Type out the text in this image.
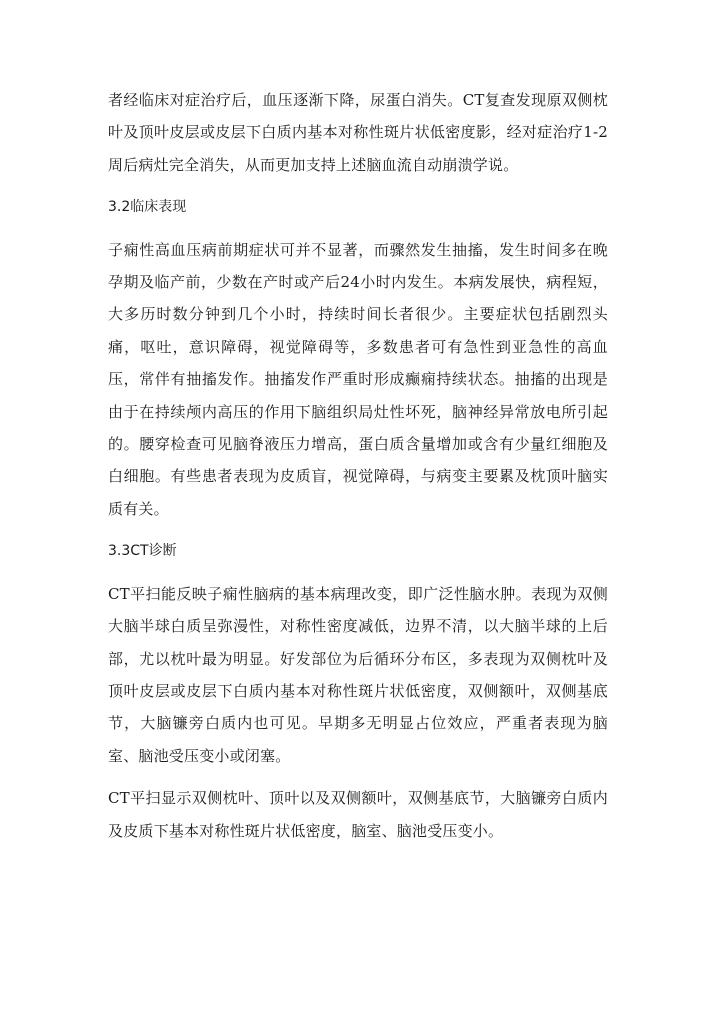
者经临床对症治疗后，血压逐渐下降，尿蛋白消失。CT复查发现原双侧枕叶及顶叶皮层或皮层下白质内基本对称性斑片状低密度影，经对症治疗1-2周后病灶完全消失，从而更加支持上述脑血流自动崩溃学说。

3.2临床表现

子痫性高血压病前期症状可并不显著，而骤然发生抽搐，发生时间多在晚孕期及临产前，少数在产时或产后24小时内发生。本病发展快，病程短，大多历时数分钟到几个小时，持续时间长者很少。主要症状包括剧烈头痛，呕吐，意识障碍，视觉障碍等，多数患者可有急性到亚急性的高血压，常伴有抽搐发作。抽搐发作严重时形成癫痫持续状态。抽搐的出现是由于在持续颅内高压的作用下脑组织局灶性坏死，脑神经异常放电所引起的。腰穿检查可见脑脊液压力增高，蛋白质含量增加或含有少量红细胞及白细胞。有些患者表现为皮质盲，视觉障碍，与病变主要累及枕顶叶脑实质有关。

3.3CT诊断

CT平扫能反映子痫性脑病的基本病理改变，即广泛性脑水肿。表现为双侧大脑半球白质呈弥漫性，对称性密度减低，边界不清，以大脑半球的上后部，尤以枕叶最为明显。好发部位为后循环分布区，多表现为双侧枕叶及顶叶皮层或皮层下白质内基本对称性斑片状低密度，双侧额叶，双侧基底节，大脑镰旁白质内也可见。早期多无明显占位效应，严重者表现为脑室、脑池受压变小或闭塞。

CT平扫显示双侧枕叶、顶叶以及双侧额叶，双侧基底节，大脑镰旁白质内及皮质下基本对称性斑片状低密度，脑室、脑池受压变小。
